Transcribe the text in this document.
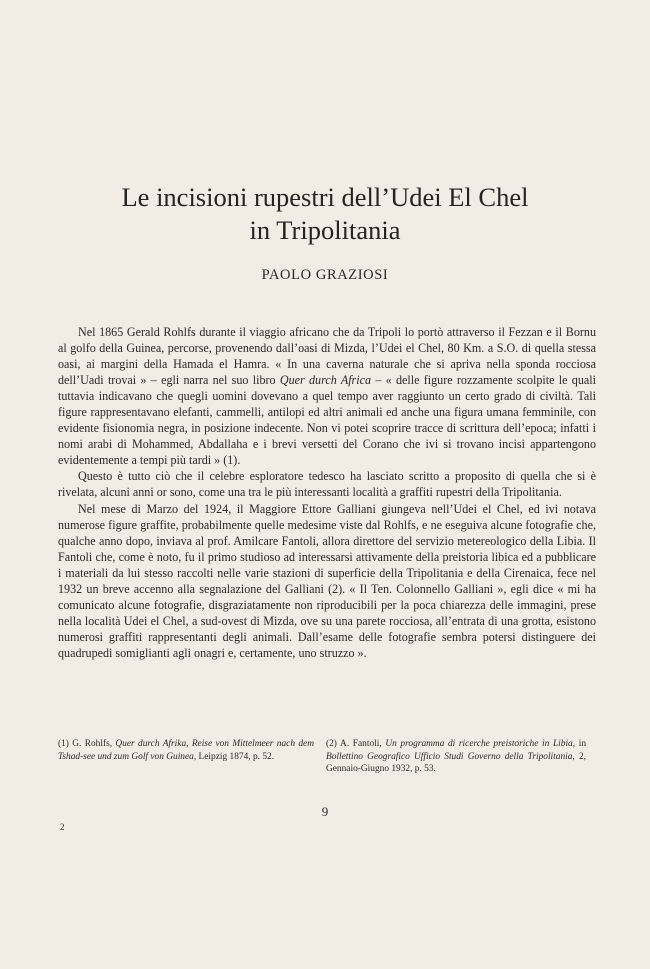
Le incisioni rupestri dell’Udei El Chel
in Tripolitania
PAOLO GRAZIOSI

Nel 1865 Gerald Rohlfs durante il viaggio africano che da Tripoli lo portò attraverso il Fezzan e il Bornu al golfo della Guinea, percorse, provenendo dall’oasi di Mizda, l’Udei el Chel, 80 Km. a S.O. di quella stessa oasi, ai margini della Hamada el Hamra. « In una caverna naturale che si apriva nella sponda rocciosa dell’Uadi trovai » – egli narra nel suo libro Quer durch Africa – « delle figure rozzamente scolpite le quali tuttavia indicavano che quegli uomini dovevano a quel tempo aver raggiunto un certo grado di civiltà. Tali figure rappresentavano elefanti, cammelli, antilopi ed altri animali ed anche una figura umana femminile, con evidente fisionomia negra, in posizione indecente. Non vi potei scoprire tracce di scrittura dell’epoca; infatti i nomi arabi di Mohammed, Abdallaha e i brevi versetti del Corano che ivi si trovano incisi appartengono evidentemente a tempi più tardi » (1).

Questo è tutto ciò che il celebre esploratore tedesco ha lasciato scritto a proposito di quella che si è rivelata, alcuni anni or sono, come una tra le più interessanti località a graffiti rupestri della Tripolitania.

Nel mese di Marzo del 1924, il Maggiore Ettore Galliani giungeva nell’Udei el Chel, ed ivi notava numerose figure graffite, probabilmente quelle medesime viste dal Rohlfs, e ne eseguiva alcune fotografie che, qualche anno dopo, inviava al prof. Amilcare Fantoli, allora direttore del servizio metereologico della Libia. Il Fantoli che, come è noto, fu il primo studioso ad interessarsi attivamente della preistoria libica ed a pubblicare i materiali da lui stesso raccolti nelle varie stazioni di superficie della Tripolitania e della Cirenaica, fece nel 1932 un breve accenno alla segnalazione del Galliani (2). « Il Ten. Colonnello Galliani », egli dice « mi ha comunicato alcune fotografie, disgraziatamente non riproducibili per la poca chiarezza delle immagini, prese nella località Udei el Chel, a sud-ovest di Mizda, ove su una parete rocciosa, all’entrata di una grotta, esistono numerosi graffiti rappresentanti degli animali. Dall’esame delle fotografie sembra potersi distinguere dei quadrupedi somiglianti agli onagri e, certamente, uno struzzo ».

(1) G. Rohlfs, Quer durch Afrika, Reise von Mittelmeer nach dem Tshad-see und zum Golf von Guinea, Leipzig 1874, p. 52.

(2) A. Fantoli, Un programma di ricerche preistoriche in Libia, in Bollettino Geografico Ufficio Studi Governo della Tripolitania, 2, Gennaio-Giugno 1932, p. 53.

9
2
